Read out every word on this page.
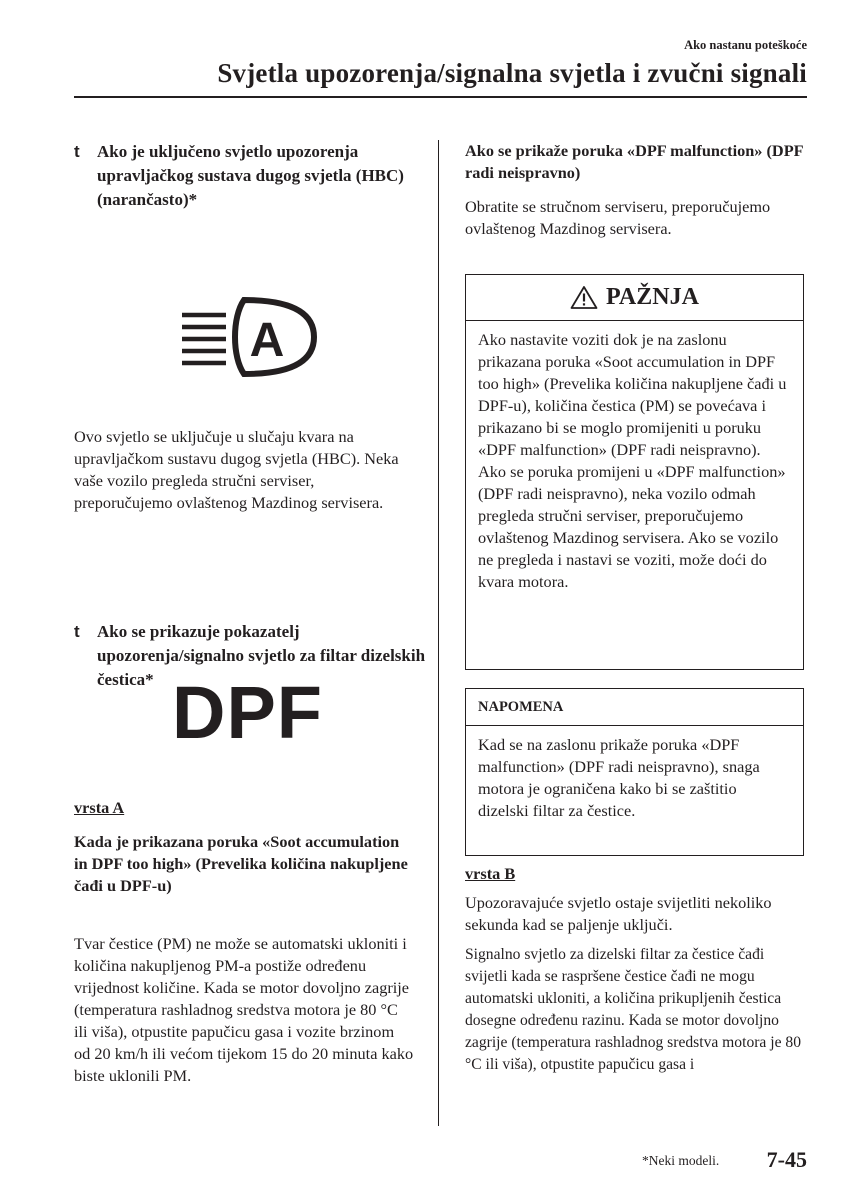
Ako nastanu poteškoće
Svjetla upozorenja/signalna svjetla i zvučni signali
t Ako je uključeno svjetlo upozorenja upravljačkog sustava dugog svjetla (HBC) (narančasto)*
A
Ovo svjetlo se uključuje u slučaju kvara na upravljačkom sustavu dugog svjetla (HBC). Neka vaše vozilo pregleda stručni serviser, preporučujemo ovlaštenog Mazdinog servisera.
t Ako se prikazuje pokazatelj upozorenja/signalno svjetlo za filtar dizelskih čestica* DPF
vrsta A
Kada je prikazana poruka «Soot accumulation in DPF too high» (Prevelika količina nakupljene čađi u DPF-u)
Tvar čestice (PM) ne može se automatski ukloniti i količina nakupljenog PM-a postiže određenu vrijednost količine. Kada se motor dovoljno zagrije (temperatura rashladnog sredstva motora je 80 °C ili viša), otpustite papučicu gasa i vozite brzinom od 20 km/h ili većom tijekom 15 do 20 minuta kako biste uklonili PM.
Ako se prikaže poruka «DPF malfunction» (DPF radi neispravno)
Obratite se stručnom serviseru, preporučujemo ovlaštenog Mazdinog servisera.
PAŽNJA
Ako nastavite voziti dok je na zaslonu prikazana poruka «Soot accumulation in DPF too high» (Prevelika količina nakupljene čađi u DPF-u), količina čestica (PM) se povećava i prikazano bi se moglo promijeniti u poruku «DPF malfunction» (DPF radi neispravno). Ako se poruka promijeni u «DPF malfunction» (DPF radi neispravno), neka vozilo odmah pregleda stručni serviser, preporučujemo ovlaštenog Mazdinog servisera. Ako se vozilo ne pregleda i nastavi se voziti, može doći do kvara motora.
NAPOMENA
Kad se na zaslonu prikaže poruka «DPF malfunction» (DPF radi neispravno), snaga motora je ograničena kako bi se zaštitio dizelski filtar za čestice.
vrsta B
Upozoravajuće svjetlo ostaje svijetliti nekoliko sekunda kad se paljenje uključi.
Signalno svjetlo za dizelski filtar za čestice čađi svijetli kada se raspršene čestice čađi ne mogu automatski ukloniti, a količina prikupljenih čestica dosegne određenu razinu. Kada se motor dovoljno zagrije (temperatura rashladnog sredstva motora je 80 °C ili viša), otpustite papučicu gasa i
*Neki modeli. 7-45
